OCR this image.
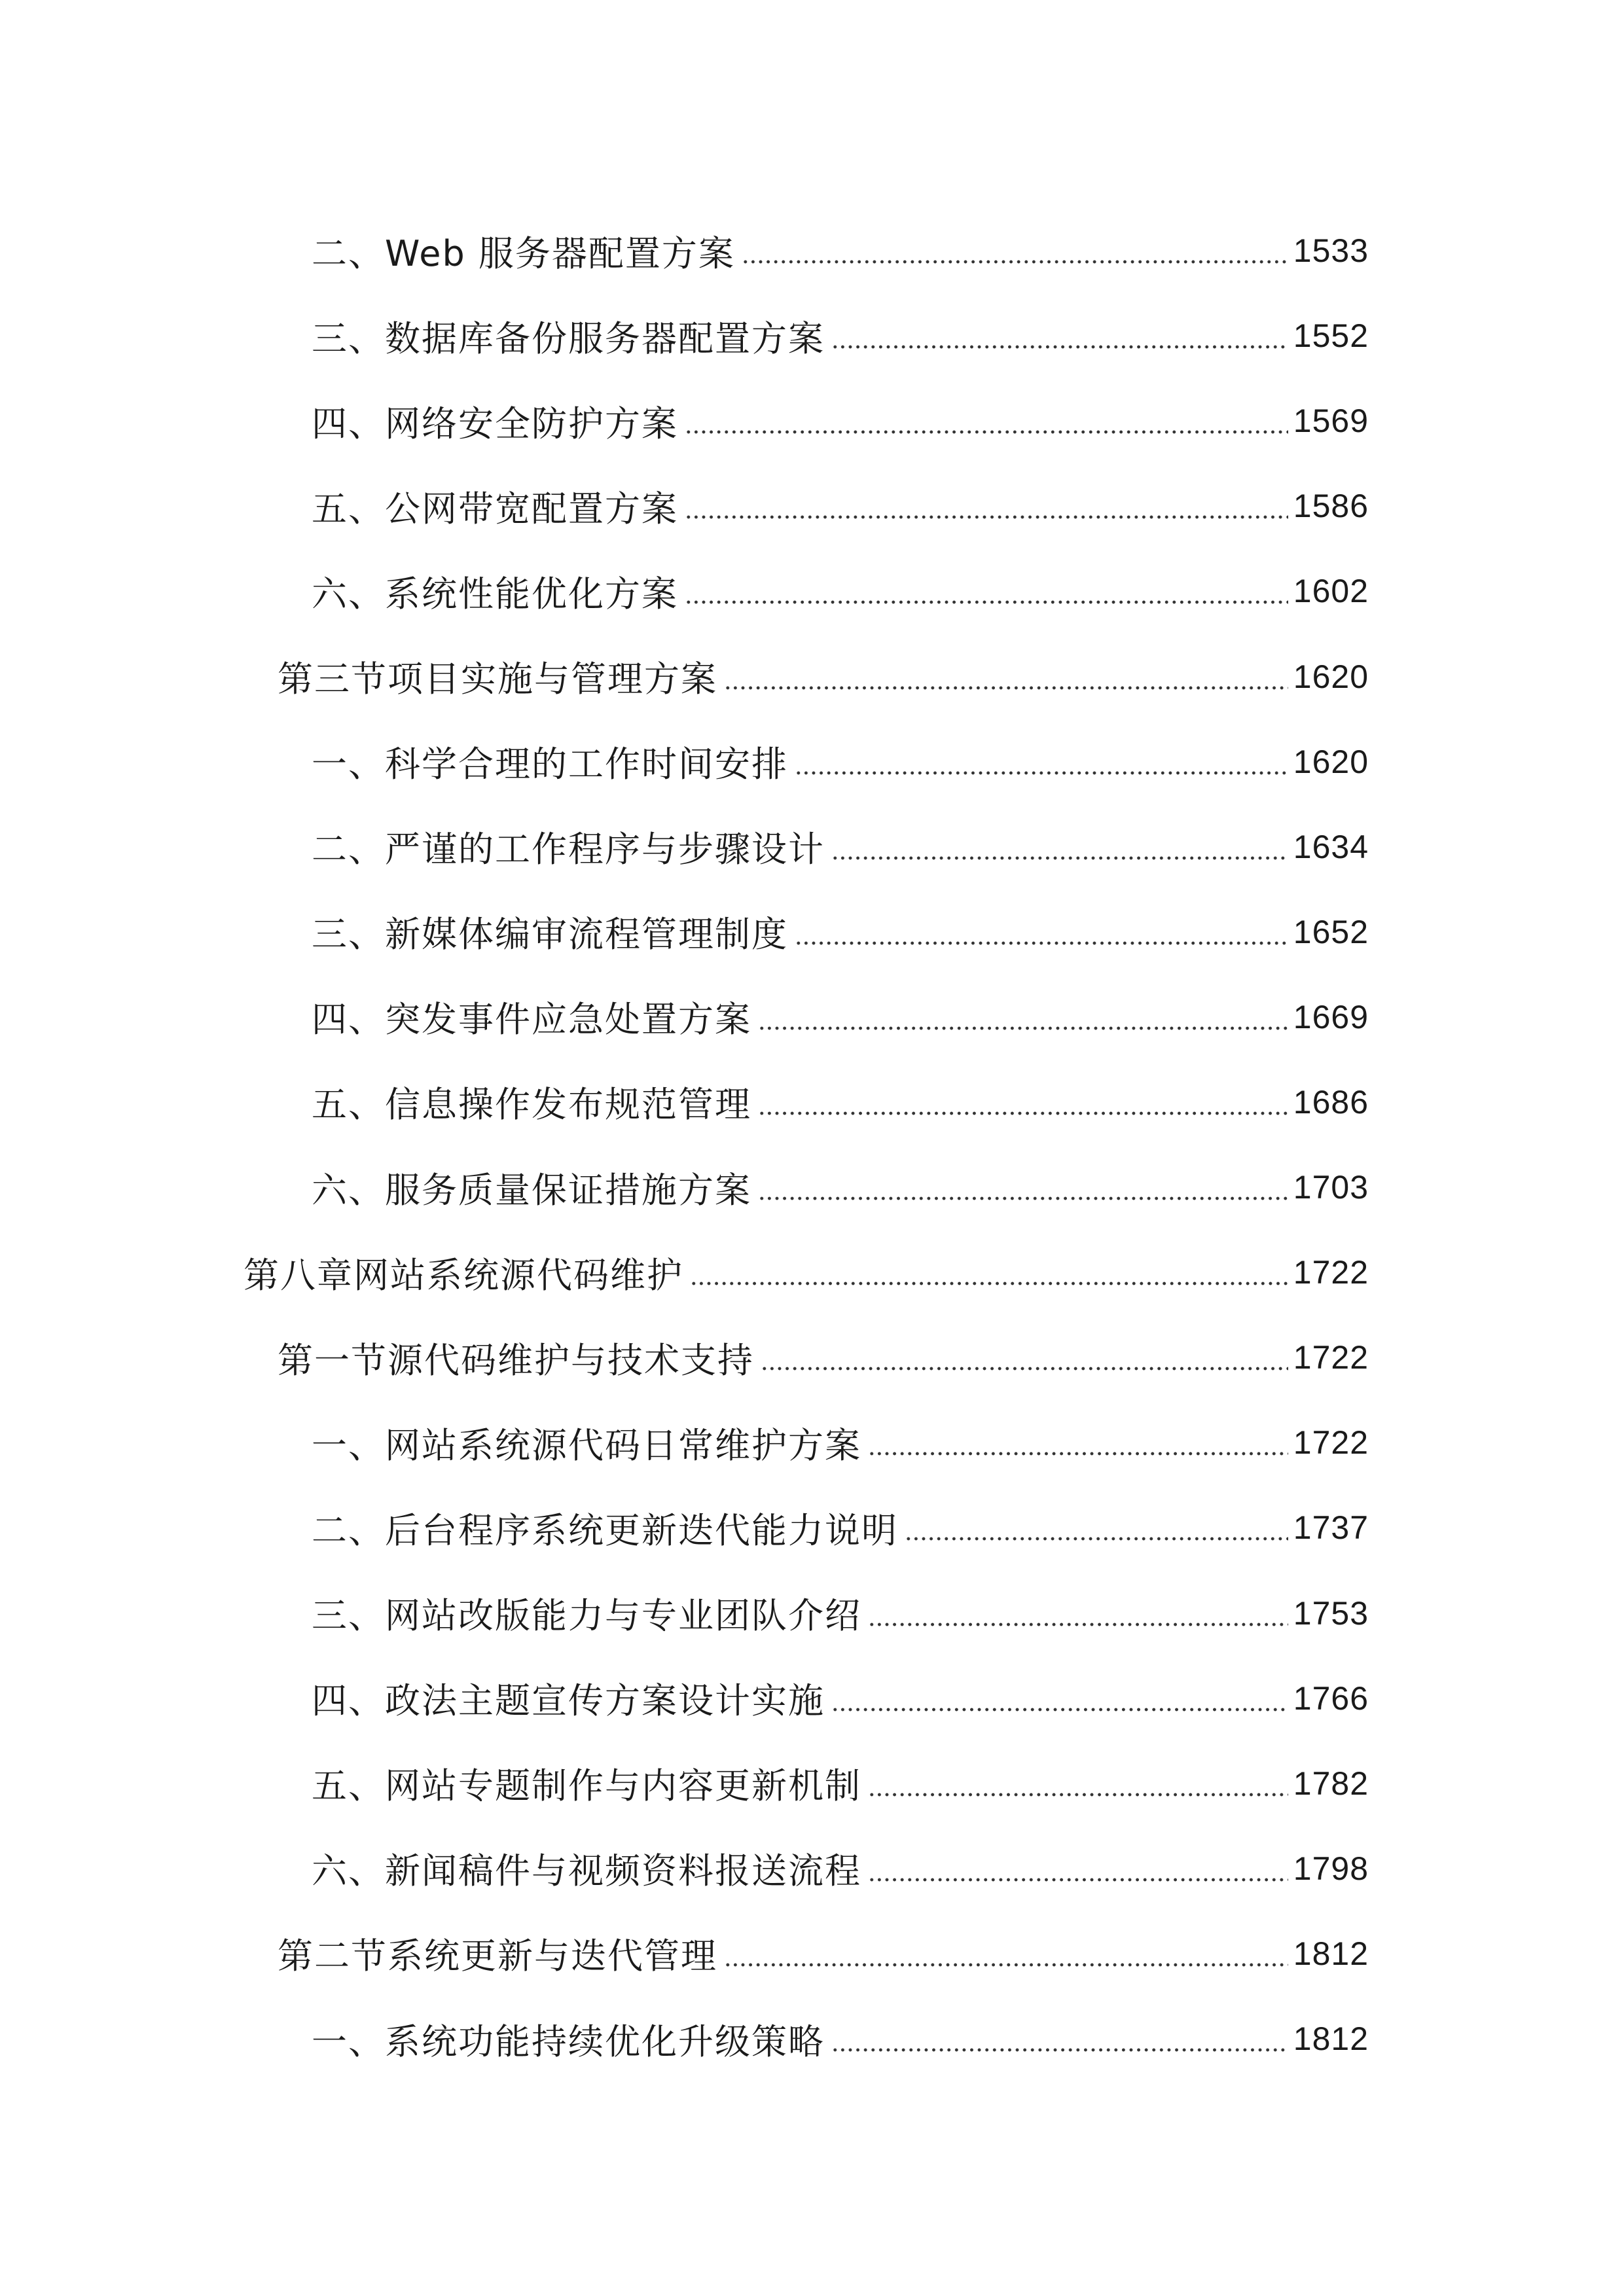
二、Web 服务器配置方案	1533
三、数据库备份服务器配置方案	1552
四、网络安全防护方案	1569
五、公网带宽配置方案	1586
六、系统性能优化方案	1602
第三节项目实施与管理方案	1620
一、科学合理的工作时间安排	1620
二、严谨的工作程序与步骤设计	1634
三、新媒体编审流程管理制度	1652
四、突发事件应急处置方案	1669
五、信息操作发布规范管理	1686
六、服务质量保证措施方案	1703
第八章网站系统源代码维护	1722
第一节源代码维护与技术支持	1722
一、网站系统源代码日常维护方案	1722
二、后台程序系统更新迭代能力说明	1737
三、网站改版能力与专业团队介绍	1753
四、政法主题宣传方案设计实施	1766
五、网站专题制作与内容更新机制	1782
六、新闻稿件与视频资料报送流程	1798
第二节系统更新与迭代管理	1812
一、系统功能持续优化升级策略	1812
